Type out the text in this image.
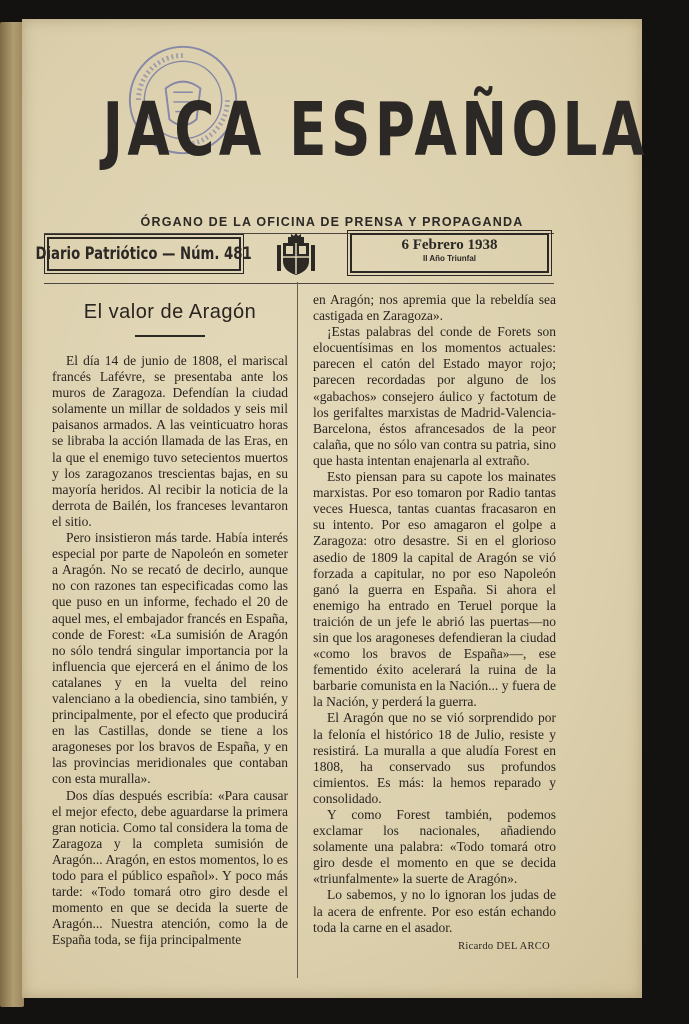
JACA ESPAÑOLA
ÓRGANO DE LA OFICINA DE PRENSA Y PROPAGANDA
Diario Patriótico — Núm. 481	6 Febrero 1938
II Año Triunfal
El valor de Aragón

El día 14 de junio de 1808, el mariscal francés Lafévre, se presentaba ante los muros de Zaragoza. Defendían la ciudad solamente un millar de soldados y seis mil paisanos armados. A las veinticuatro horas se libraba la acción llamada de las Eras, en la que el enemigo tuvo setecientos muertos y los zaragozanos trescientas bajas, en su mayoría heridos. Al recibir la noticia de la derrota de Bailén, los franceses levantaron el sitio.

Pero insistieron más tarde. Había interés especial por parte de Napoleón en someter a Aragón. No se recató de decirlo, aunque no con razones tan especificadas como las que puso en un informe, fechado el 20 de aquel mes, el embajador francés en España, conde de Forest: «La sumisión de Aragón no sólo tendrá singular importancia por la influencia que ejercerá en el ánimo de los catalanes y en la vuelta del reino valenciano a la obediencia, sino también, y principalmente, por el efecto que producirá en las Castillas, donde se tiene a los aragoneses por los bravos de España, y en las provincias meridionales que contaban con esta muralla».

Dos días después escribía: «Para causar el mejor efecto, debe aguardarse la primera gran noticia. Como tal considera la toma de Zaragoza y la completa sumisión de Aragón... Aragón, en estos momentos, lo es todo para el público español». Y poco más tarde: «Todo tomará otro giro desde el momento en que se decida la suerte de Aragón... Nuestra atención, como la de España toda, se fija principalmente

en Aragón; nos apremia que la rebeldía sea castigada en Zaragoza».

¡Estas palabras del conde de Forets son elocuentísimas en los momentos actuales: parecen el catón del Estado mayor rojo; parecen recordadas por alguno de los «gabachos» consejero áulico y factotum de los gerifaltes marxistas de Madrid-Valencia-Barcelona, éstos afrancesados de la peor calaña, que no sólo van contra su patria, sino que hasta intentan enajenarla al extraño.

Esto piensan para su capote los mainates marxistas. Por eso tomaron por Radio tantas veces Huesca, tantas cuantas fracasaron en su intento. Por eso amagaron el golpe a Zaragoza: otro desastre. Si en el glorioso asedio de 1809 la capital de Aragón se vió forzada a capitular, no por eso Napoleón ganó la guerra en España. Si ahora el enemigo ha entrado en Teruel porque la traición de un jefe le abrió las puertas—no sin que los aragoneses defendieran la ciudad «como los bravos de España»—, ese fementido éxito acelerará la ruina de la barbarie comunista en la Nación... y fuera de la Nación, y perderá la guerra.

El Aragón que no se vió sorprendido por la felonía el histórico 18 de Julio, resiste y resistirá. La muralla a que aludía Forest en 1808, ha conservado sus profundos cimientos. Es más: la hemos reparado y consolidado.

Y como Forest también, podemos exclamar los nacionales, añadiendo solamente una palabra: «Todo tomará otro giro desde el momento en que se decida «triunfalmente» la suerte de Aragón».

Lo sabemos, y no lo ignoran los judas de la acera de enfrente. Por eso están echando toda la carne en el asador.

Ricardo DEL ARCO
